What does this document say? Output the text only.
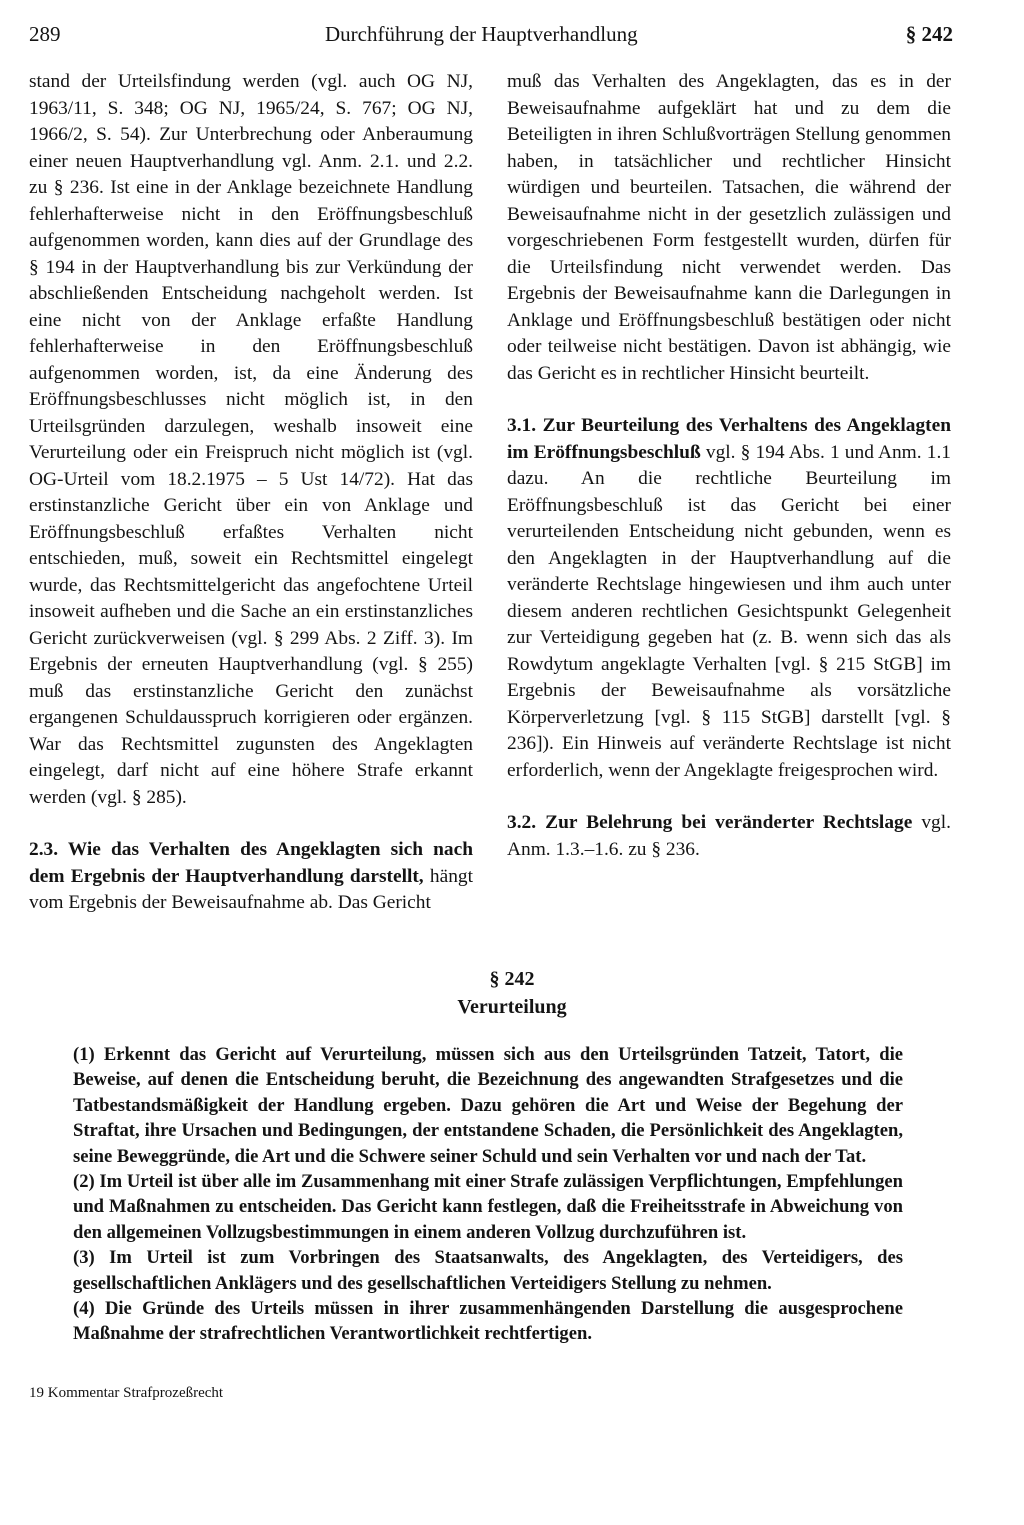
289	Durchführung der Hauptverhandlung	§ 242

stand der Urteilsfindung werden (vgl. auch OG NJ, 1963/11, S. 348; OG NJ, 1965/24, S. 767; OG NJ, 1966/2, S. 54). Zur Unterbrechung oder Anberaumung einer neuen Hauptverhandlung vgl. Anm. 2.1. und 2.2. zu § 236. Ist eine in der Anklage bezeichnete Handlung fehlerhafterweise nicht in den Eröffnungsbeschluß aufgenommen worden, kann dies auf der Grundlage des § 194 in der Hauptverhandlung bis zur Verkündung der abschließenden Entscheidung nachgeholt werden. Ist eine nicht von der Anklage erfaßte Handlung fehlerhafterweise in den Eröffnungsbeschluß aufgenommen worden, ist, da eine Änderung des Eröffnungsbeschlusses nicht möglich ist, in den Urteilsgründen darzulegen, weshalb insoweit eine Verurteilung oder ein Freispruch nicht möglich ist (vgl. OG-Urteil vom 18.2.1975 – 5 Ust 14/72). Hat das erstinstanzliche Gericht über ein von Anklage und Eröffnungsbeschluß erfaßtes Verhalten nicht entschieden, muß, soweit ein Rechtsmittel eingelegt wurde, das Rechtsmittelgericht das angefochtene Urteil insoweit aufheben und die Sache an ein erstinstanzliches Gericht zurückverweisen (vgl. § 299 Abs. 2 Ziff. 3). Im Ergebnis der erneuten Hauptverhandlung (vgl. § 255) muß das erstinstanzliche Gericht den zunächst ergangenen Schuldausspruch korrigieren oder ergänzen. War das Rechtsmittel zugunsten des Angeklagten eingelegt, darf nicht auf eine höhere Strafe erkannt werden (vgl. § 285).

2.3. Wie das Verhalten des Angeklagten sich nach dem Ergebnis der Hauptverhandlung darstellt, hängt vom Ergebnis der Beweisaufnahme ab. Das Gericht

muß das Verhalten des Angeklagten, das es in der Beweisaufnahme aufgeklärt hat und zu dem die Beteiligten in ihren Schlußvorträgen Stellung genommen haben, in tatsächlicher und rechtlicher Hinsicht würdigen und beurteilen. Tatsachen, die während der Beweisaufnahme nicht in der gesetzlich zulässigen und vorgeschriebenen Form festgestellt wurden, dürfen für die Urteilsfindung nicht verwendet werden. Das Ergebnis der Beweisaufnahme kann die Darlegungen in Anklage und Eröffnungsbeschluß bestätigen oder nicht oder teilweise nicht bestätigen. Davon ist abhängig, wie das Gericht es in rechtlicher Hinsicht beurteilt.

3.1. Zur Beurteilung des Verhaltens des Angeklagten im Eröffnungsbeschluß vgl. § 194 Abs. 1 und Anm. 1.1 dazu. An die rechtliche Beurteilung im Eröffnungsbeschluß ist das Gericht bei einer verurteilenden Entscheidung nicht gebunden, wenn es den Angeklagten in der Hauptverhandlung auf die veränderte Rechtslage hingewiesen und ihm auch unter diesem anderen rechtlichen Gesichtspunkt Gelegenheit zur Verteidigung gegeben hat (z. B. wenn sich das als Rowdytum angeklagte Verhalten [vgl. § 215 StGB] im Ergebnis der Beweisaufnahme als vorsätzliche Körperverletzung [vgl. § 115 StGB] darstellt [vgl. § 236]). Ein Hinweis auf veränderte Rechtslage ist nicht erforderlich, wenn der Angeklagte freigesprochen wird.

3.2. Zur Belehrung bei veränderter Rechtslage vgl. Anm. 1.3.–1.6. zu § 236.

§ 242
Verurteilung

(1) Erkennt das Gericht auf Verurteilung, müssen sich aus den Urteilsgründen Tatzeit, Tatort, die Beweise, auf denen die Entscheidung beruht, die Bezeichnung des angewandten Strafgesetzes und die Tatbestandsmäßigkeit der Handlung ergeben. Dazu gehören die Art und Weise der Begehung der Straftat, ihre Ursachen und Bedingungen, der entstandene Schaden, die Persönlichkeit des Angeklagten, seine Beweggründe, die Art und die Schwere seiner Schuld und sein Verhalten vor und nach der Tat.

(2) Im Urteil ist über alle im Zusammenhang mit einer Strafe zulässigen Verpflichtungen, Empfehlungen und Maßnahmen zu entscheiden. Das Gericht kann festlegen, daß die Freiheitsstrafe in Abweichung von den allgemeinen Vollzugsbestimmungen in einem anderen Vollzug durchzuführen ist.

(3) Im Urteil ist zum Vorbringen des Staatsanwalts, des Angeklagten, des Verteidigers, des gesellschaftlichen Anklägers und des gesellschaftlichen Verteidigers Stellung zu nehmen.

(4) Die Gründe des Urteils müssen in ihrer zusammenhängenden Darstellung die ausgesprochene Maßnahme der strafrechtlichen Verantwortlichkeit rechtfertigen.

19 Kommentar Strafprozeßrecht
